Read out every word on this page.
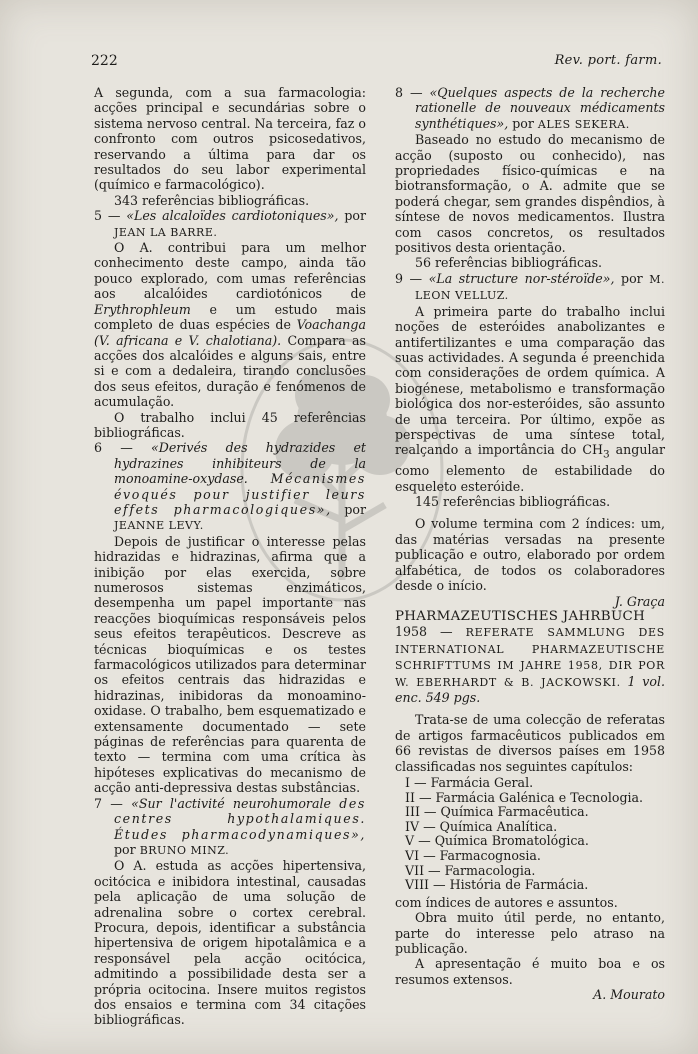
222	Rev. port. farm.

A segunda, com a sua farmacologia: acções principal e secundárias sobre o sistema nervoso central. Na terceira, faz o confronto com outros psicosedativos, reservando a última para dar os resultados do seu labor experimental (químico e farmacológico).

343 referências bibliográficas.

5 — «Les alcaloïdes cardiotoniques», por JEAN LA BARRE.

O A. contribui para um melhor conhecimento deste campo, ainda tão pouco explorado, com umas referências aos alcalóides cardiotónicos de Erythrophleum e um estudo mais completo de duas espécies de Voachanga (V. africana e V. chalotiana). Compara as acções dos alcalóides e alguns sais, entre si e com a dedaleira, tirando conclusões dos seus efeitos, duração e fenómenos de acumulação.

O trabalho inclui 45 referências bibliográficas.

6 — «Derivés des hydrazides et hydrazines inhibiteurs de la monoamine-oxydase. Mécanismes évoqués pour justifier leurs effets pharmacologiques», por JEANNE LEVY.

Depois de justificar o interesse pelas hidrazidas e hidrazinas, afirma que a inibição por elas exercida, sobre numerosos sistemas enzimáticos, desempenha um papel importante nas reacções bioquímicas responsáveis pelos seus efeitos terapêuticos. Descreve as técnicas bioquímicas e os testes farmacológicos utilizados para determinar os efeitos centrais das hidrazidas e hidrazinas, inibidoras da monoamino-oxidase. O trabalho, bem esquematizado e extensamente documentado — sete páginas de referências para quarenta de texto — termina com uma crítica às hipóteses explicativas do mecanismo de acção anti-depressiva destas substâncias.

7 — «Sur l'activité neurohumorale des centres hypothalamiques. Études pharmacodynamiques», por BRUNO MINZ.

O A. estuda as acções hipertensiva, ocitócica e inibidora intestinal, causadas pela aplicação de uma solução de adrenalina sobre o cortex cerebral. Procura, depois, identificar a substância hipertensiva de origem hipotalâmica e a responsável pela acção ocitócica, admitindo a possibilidade desta ser a própria ocitocina. Insere muitos registos dos ensaios e termina com 34 citações bibliográficas.

8 — «Quelques aspects de la recherche rationelle de nouveaux médicaments synthétiques», por ALES SEKERA.

Baseado no estudo do mecanismo de acção (suposto ou conhecido), nas propriedades físico-químicas e na biotransformação, o A. admite que se poderá chegar, sem grandes dispêndios, à síntese de novos medicamentos. Ilustra com casos concretos, os resultados positivos desta orientação.

56 referências bibliográficas.

9 — «La structure nor-stéroïde», por M. LEON VELLUZ.

A primeira parte do trabalho inclui noções de esteróides anabolizantes e antifertilizantes e uma comparação das suas actividades. A segunda é preenchida com considerações de ordem química. A biogénese, metabolismo e transformação biológica dos nor-esteróides, são assunto de uma terceira. Por último, expõe as perspectivas de uma síntese total, realçando a importância do $CH_3$ angular como elemento de estabilidade do esqueleto esteróide.

145 referências bibliográficas.

O volume termina com 2 índices: um, das matérias versadas na presente publicação e outro, elaborado por ordem alfabética, de todos os colaboradores desde o início.

J. Graça

PHARMAZEUTISCHES JAHRBUCH

1958 — REFERATE SAMMLUNG DES INTERNATIONAL PHARMAZEUTISCHE SCHRIFTTUMS IM JAHRE 1958, DIR POR W. EBERHARDT & B. JACKOWSKI. 1 vol. enc. 549 pgs.

Trata-se de uma colecção de referatas de artigos farmacêuticos publicados em 66 revistas de diversos países em 1958 classificadas nos seguintes capítulos:

I — Farmácia Geral.
II — Farmácia Galénica e Tecnologia.
III — Química Farmacêutica.
IV — Química Analítica.
V — Química Bromatológica.
VI — Farmacognosia.
VII — Farmacologia.
VIII — História de Farmácia.

com índices de autores e assuntos.

Obra muito útil perde, no entanto, parte do interesse pelo atraso na publicação.

A apresentação é muito boa e os resumos extensos.

A. Mourato
